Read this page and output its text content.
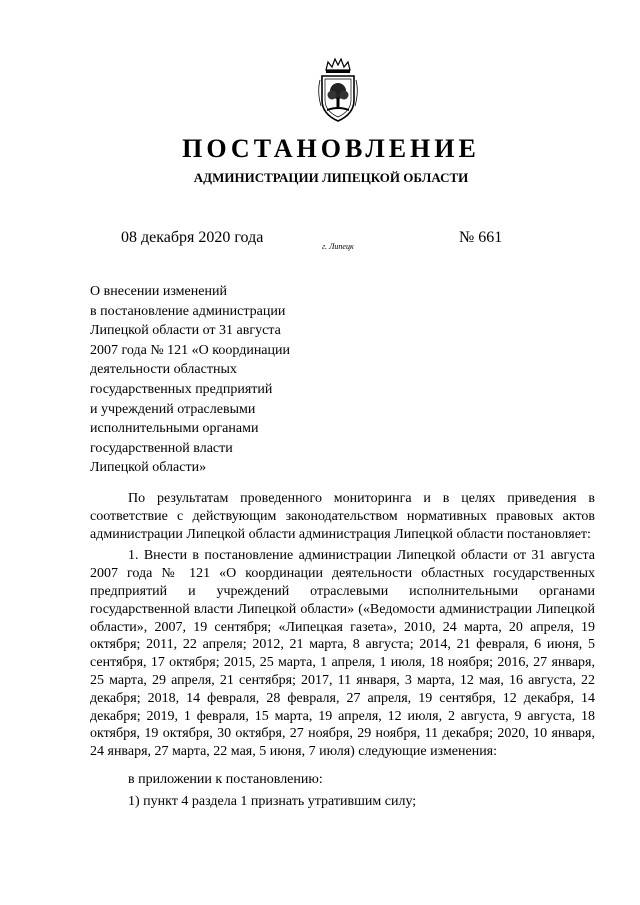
ПОСТАНОВЛЕНИЕ
АДМИНИСТРАЦИИ ЛИПЕЦКОЙ ОБЛАСТИ
08 декабря 2020 года
г. Липецк
№ 661
О внесении изменений
в постановление администрации
Липецкой области от 31 августа
2007 года № 121 «О координации
деятельности областных
государственных предприятий
и учреждений отраслевыми
исполнительными органами
государственной власти
Липецкой области»

По результатам проведенного мониторинга и в целях приведения в соответствие с действующим законодательством нормативных правовых актов администрации Липецкой области администрация Липецкой области постановляет:

1. Внести в постановление администрации Липецкой области от 31 августа 2007 года № 121 «О координации деятельности областных государственных предприятий и учреждений отраслевыми исполнительными органами государственной власти Липецкой области» («Ведомости администрации Липецкой области», 2007, 19 сентября; «Липецкая газета», 2010, 24 марта, 20 апреля, 19 октября; 2011, 22 апреля; 2012, 21 марта, 8 августа; 2014, 21 февраля, 6 июня, 5 сентября, 17 октября; 2015, 25 марта, 1 апреля, 1 июля, 18 ноября; 2016, 27 января, 25 марта, 29 апреля, 21 сентября; 2017, 11 января, 3 марта, 12 мая, 16 августа, 22 декабря; 2018, 14 февраля, 28 февраля, 27 апреля, 19 сентября, 12 декабря, 14 декабря; 2019, 1 февраля, 15 марта, 19 апреля, 12 июля, 2 августа, 9 августа, 18 октября, 19 октября, 30 октября, 27 ноября, 29 ноября, 11 декабря; 2020, 10 января, 24 января, 27 марта, 22 мая, 5 июня, 7 июля) следующие изменения:

в приложении к постановлению:

1) пункт 4 раздела 1 признать утратившим силу;
